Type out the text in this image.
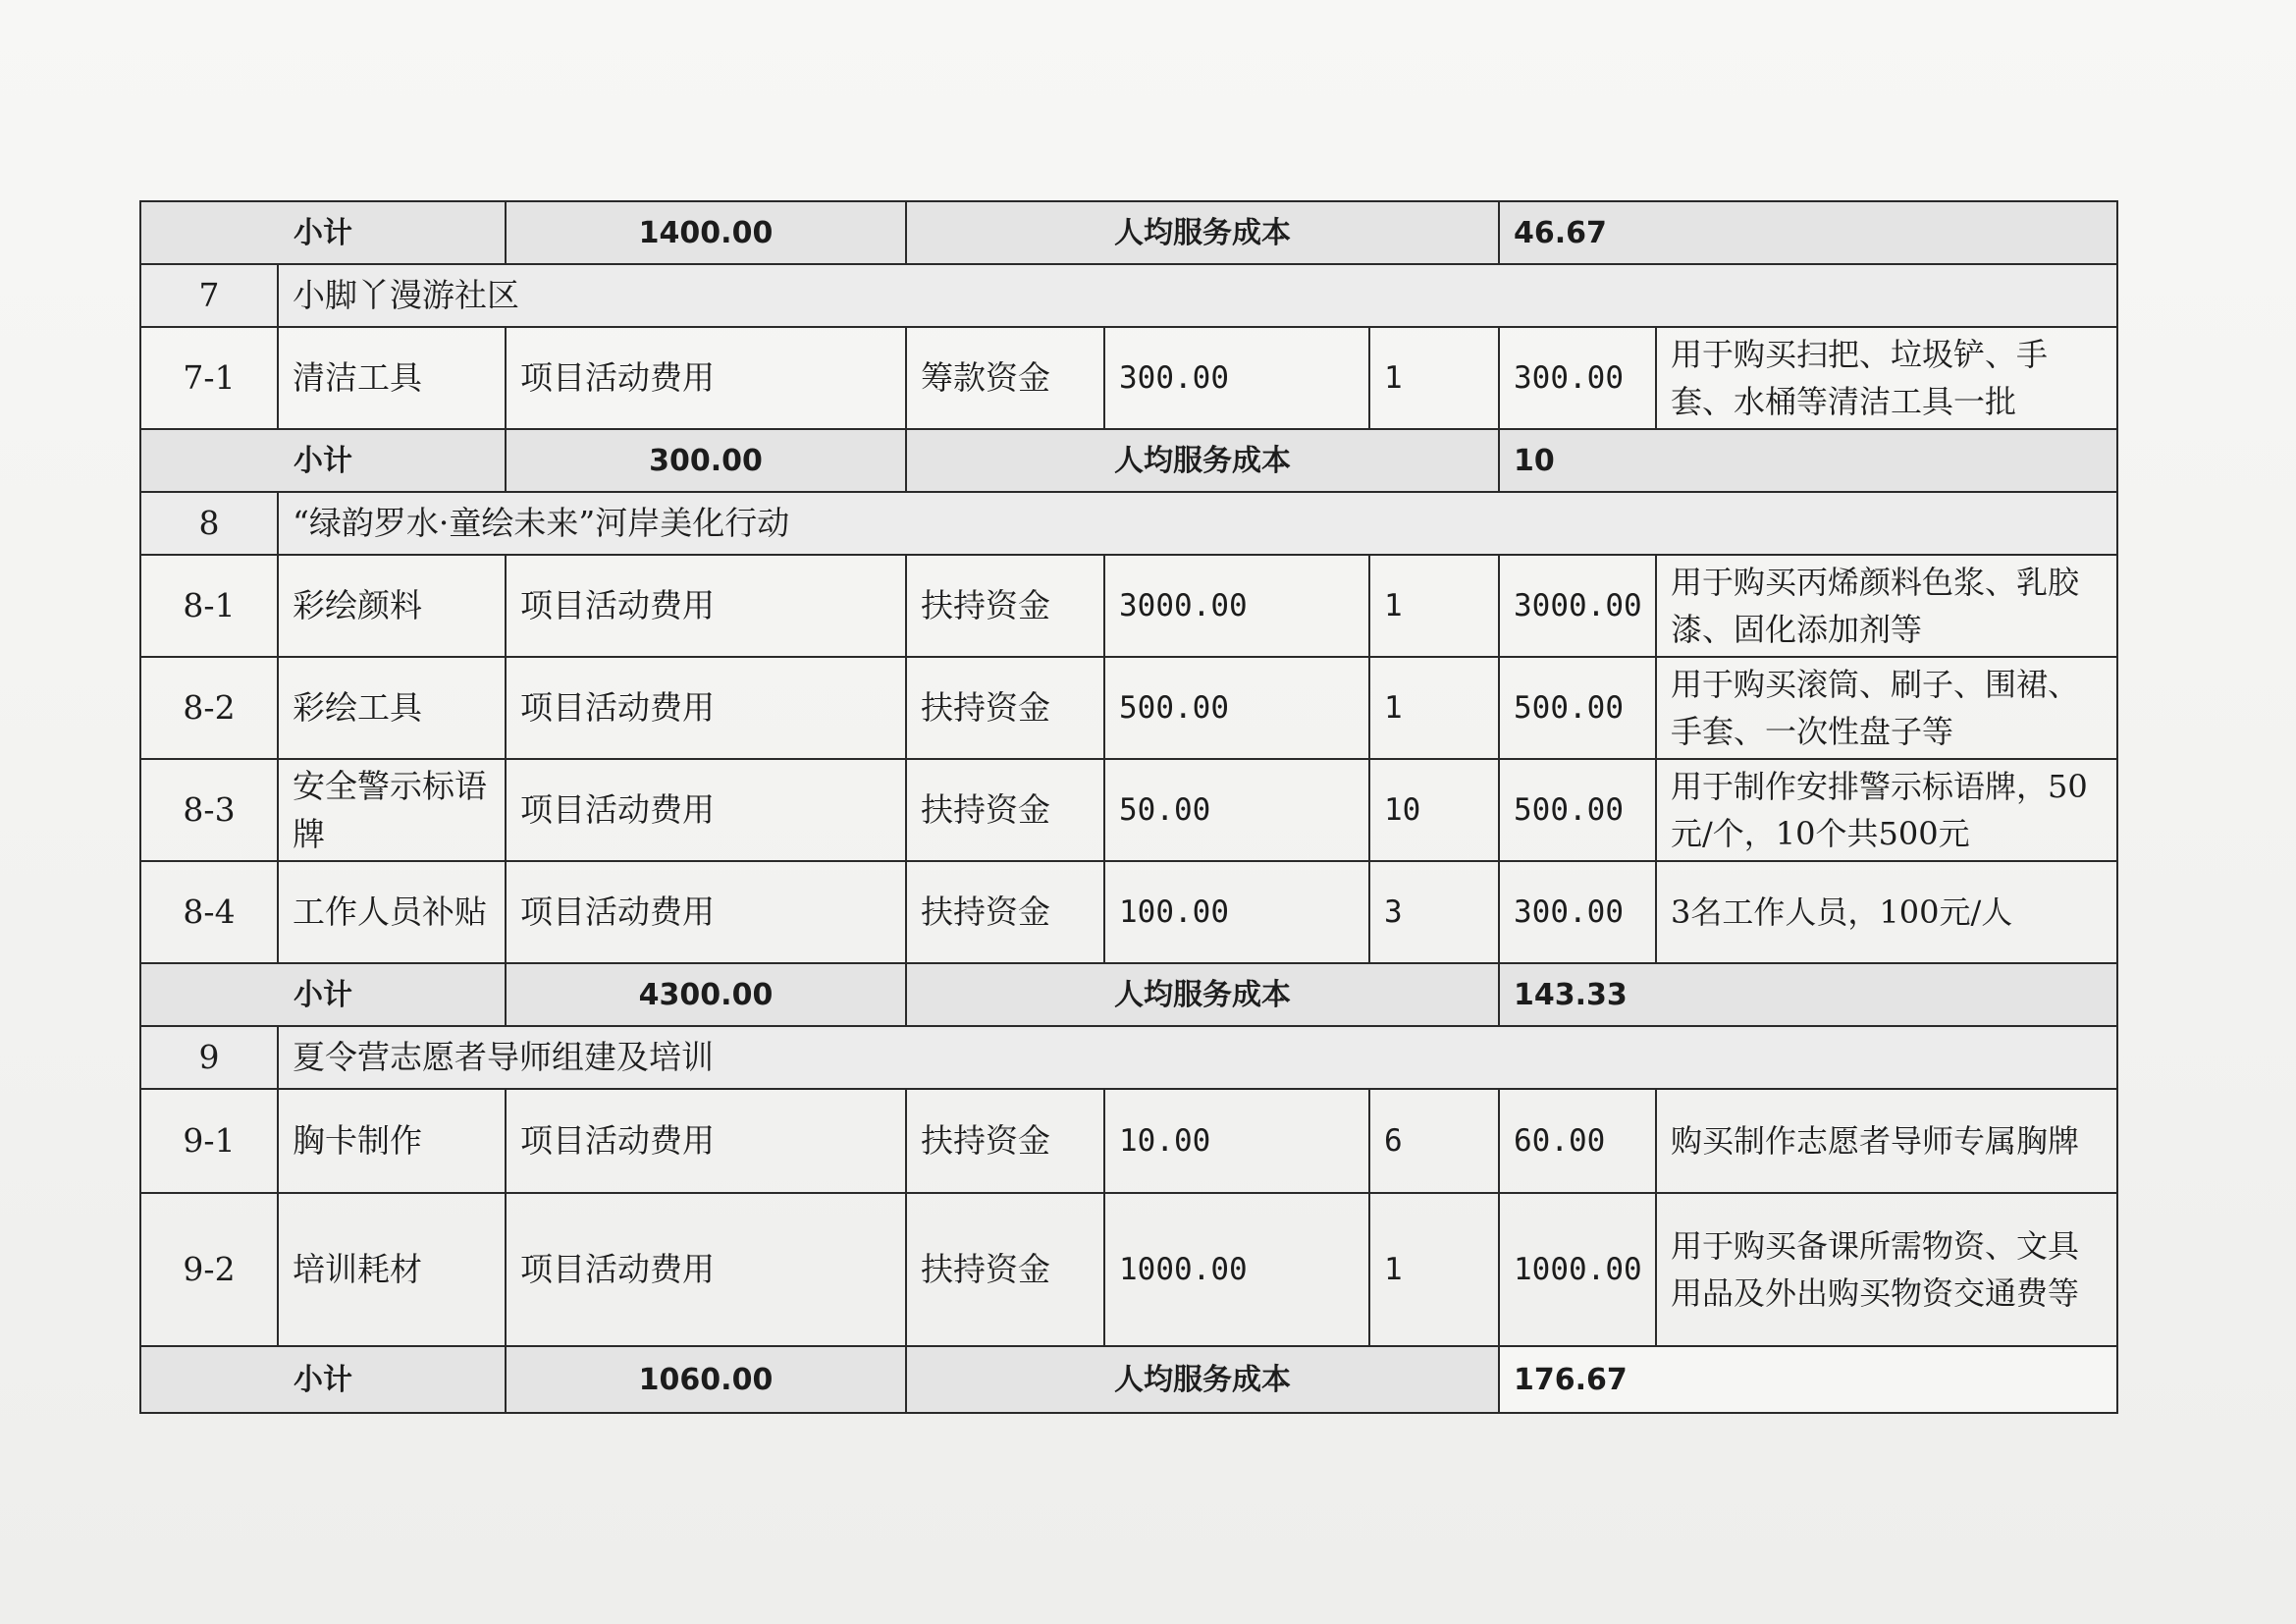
小计		1400.00	人均服务成本			46.67	
7	小脚丫漫游社区						
7-1	清洁工具	项目活动费用	筹款资金	300.00	1	300.00	用于购买扫把、垃圾铲、手套、水桶等清洁工具一批
小计		300.00	人均服务成本			10	
8	“绿韵罗水·童绘未来”河岸美化行动						
8-1	彩绘颜料	项目活动费用	扶持资金	3000.00	1	3000.00	用于购买丙烯颜料色浆、乳胶漆、固化添加剂等
8-2	彩绘工具	项目活动费用	扶持资金	500.00	1	500.00	用于购买滚筒、刷子、围裙、手套、一次性盘子等
8-3	安全警示标语牌	项目活动费用	扶持资金	50.00	10	500.00	用于制作安排警示标语牌，50元/个，10个共500元
8-4	工作人员补贴	项目活动费用	扶持资金	100.00	3	300.00	3名工作人员，100元/人
小计		4300.00	人均服务成本			143.33	
9	夏令营志愿者导师组建及培训						
9-1	胸卡制作	项目活动费用	扶持资金	10.00	6	60.00	购买制作志愿者导师专属胸牌
9-2	培训耗材	项目活动费用	扶持资金	1000.00	1	1000.00	用于购买备课所需物资、文具用品及外出购买物资交通费等
小计		1060.00	人均服务成本			176.67	
